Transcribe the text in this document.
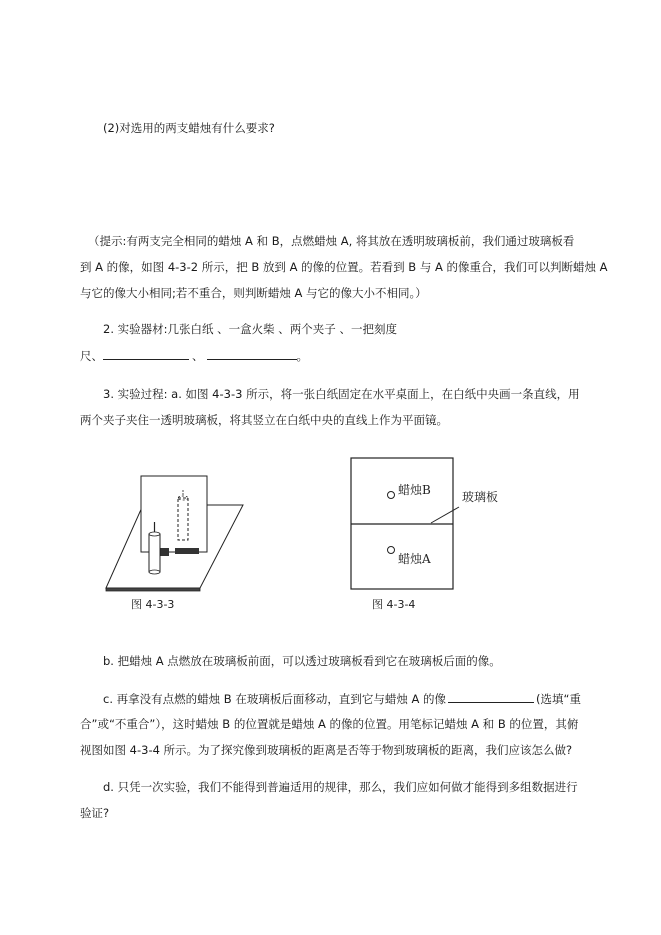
(2)对选用的两支蜡烛有什么要求?
（提示:有两支完全相同的蜡烛 A 和 B，点燃蜡烛 A, 将其放在透明玻璃板前，我们通过玻璃板看
到 A 的像，如图 4-3-2 所示，把 B 放到 A 的像的位置。若看到 B 与 A 的像重合，我们可以判断蜡烛 A
与它的像大小相同;若不重合，则判断蜡烛 A 与它的像大小不相同。）
2. 实验器材:几张白纸 、一盒火柴 、两个夹子 、一把刻度
尺、	、	。
3. 实验过程: a. 如图 4-3-3 所示，将一张白纸固定在水平桌面上，在白纸中央画一条直线，用
两个夹子夹住一透明玻璃板，将其竖立在白纸中央的直线上作为平面镜。
图 4-3-3
蜡烛B
蜡烛A
玻璃板
图 4-3-4
b. 把蜡烛 A 点燃放在玻璃板前面，可以透过玻璃板看到它在玻璃板后面的像。
c. 再拿没有点燃的蜡烛 B 在玻璃板后面移动，直到它与蜡烛 A 的像	(选填“重
合”或“不重合”），这时蜡烛 B 的位置就是蜡烛 A 的像的位置。用笔标记蜡烛 A 和 B 的位置，其俯
视图如图 4-3-4 所示。为了探究像到玻璃板的距离是否等于物到玻璃板的距离，我们应该怎么做?
d. 只凭一次实验，我们不能得到普遍适用的规律，那么，我们应如何做才能得到多组数据进行
验证?
